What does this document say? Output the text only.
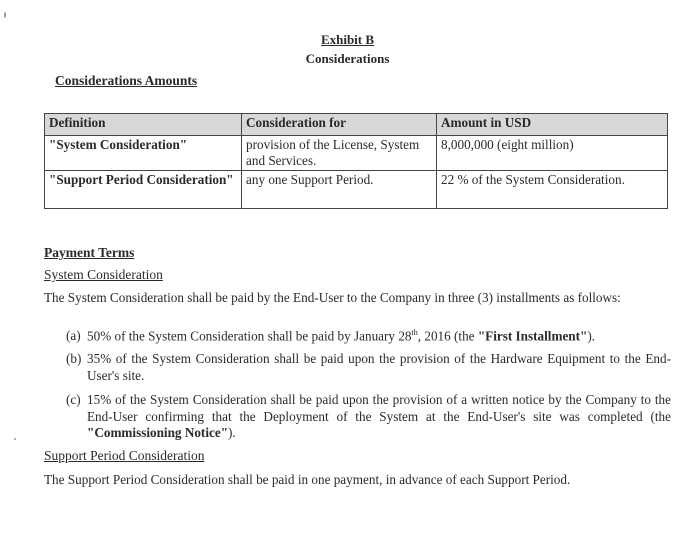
Exhibit B
Considerations
Considerations Amounts
Definition	Consideration for	Amount in USD
"System Consideration"	provision of the License, System and Services.	8,000,000 (eight million)
"Support Period Consideration"	any one Support Period.	22 % of the System Consideration.
Payment Terms
System Consideration
The System Consideration shall be paid by the End-User to the Company in three (3) installments as follows:
(a) 50% of the System Consideration shall be paid by January 28th, 2016 (the "First Installment").
(b) 35% of the System Consideration shall be paid upon the provision of the Hardware Equipment to the End-User's site.
(c) 15% of the System Consideration shall be paid upon the provision of a written notice by the Company to the End-User confirming that the Deployment of the System at the End-User's site was completed (the "Commissioning Notice").
Support Period Consideration
The Support Period Consideration shall be paid in one payment, in advance of each Support Period.
